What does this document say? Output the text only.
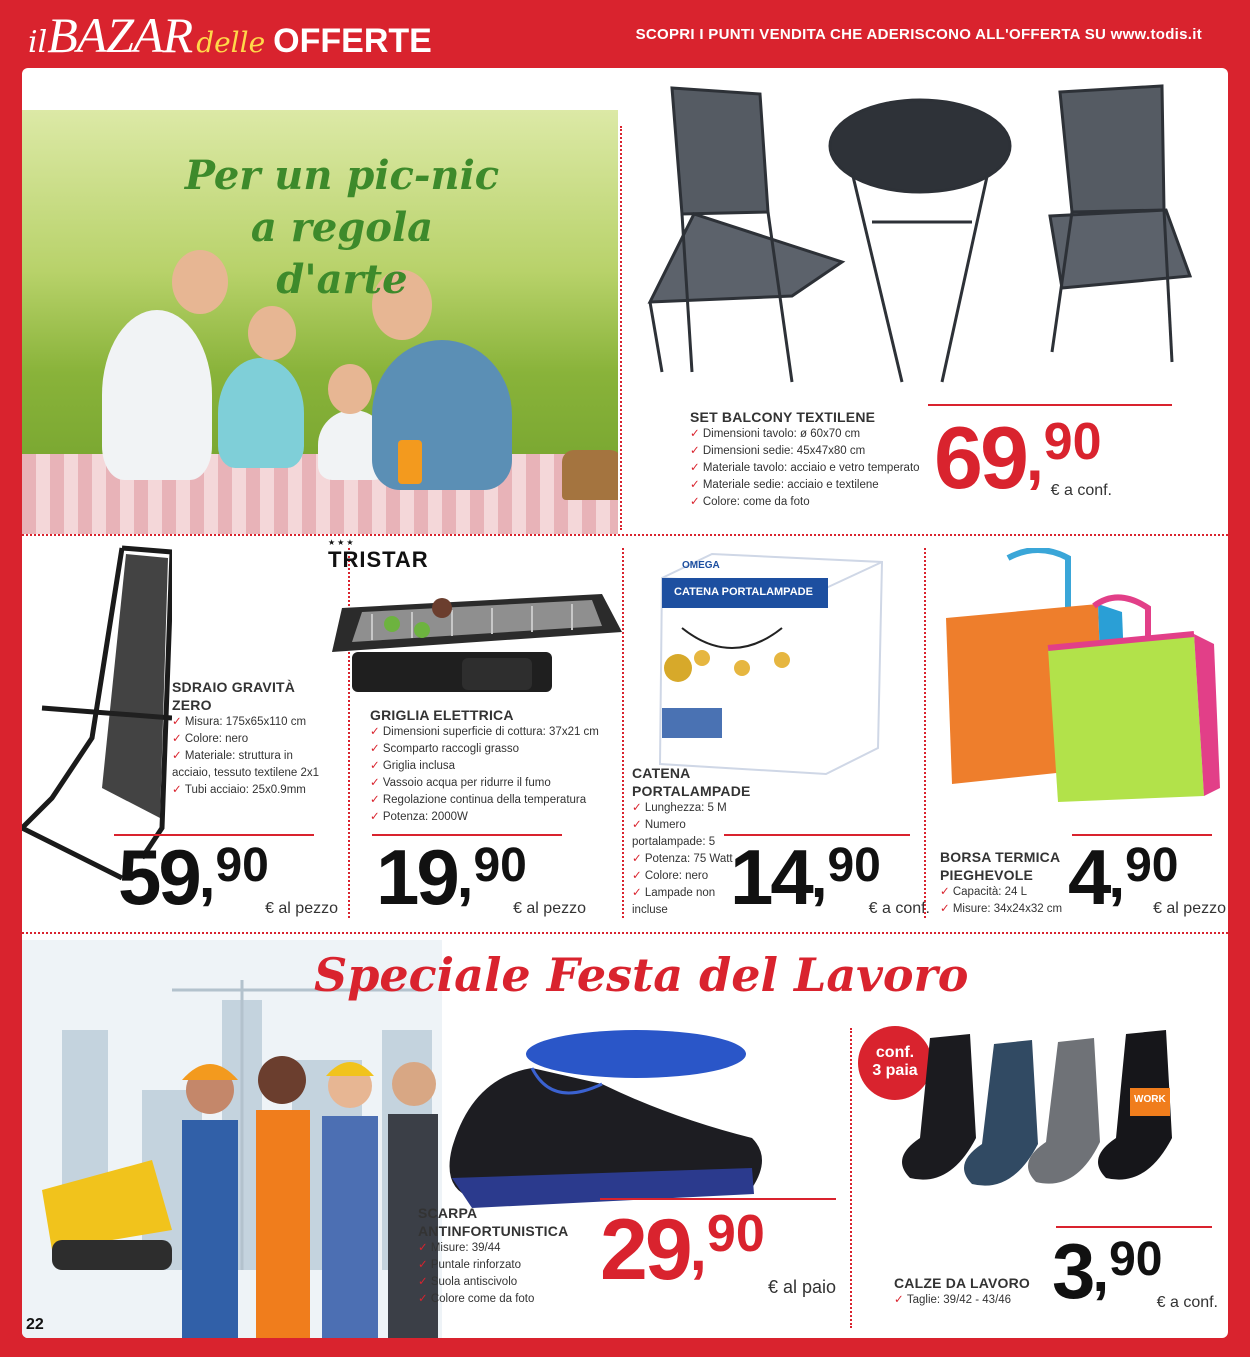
il BAZAR delle OFFERTE	SCOPRI I PUNTI VENDITA CHE ADERISCONO ALL'OFFERTA SU www.todis.it
Per un pic-nic
a regola d'arte
SET BALCONY TEXTILENE
✓ Dimensioni tavolo: ø 60x70 cm
✓ Dimensioni sedie: 45x47x80 cm
✓ Materiale tavolo: acciaio e vetro temperato
✓ Materiale sedie: acciaio e textilene
✓ Colore: come da foto	69 , 90
€ a conf.
SDRAIO GRAVITÀ
ZERO
✓ Misura: 175x65x110 cm
✓ Colore: nero
✓ Materiale: struttura in acciaio, tessuto textilene 2x1
✓ Tubi acciaio: 25x0.9mm
59 , 90
€ al pezzo
★★★
TRISTAR
GRIGLIA ELETTRICA
✓ Dimensioni superficie di cottura: 37x21 cm
✓ Scomparto raccogli grasso
✓ Griglia inclusa
✓ Vassoio acqua per ridurre il fumo
✓ Regolazione continua della temperatura
✓ Potenza: 2000W
19 , 90
€ al pezzo
CATENA PORTALAMPADE
OMEGA
CATENA
PORTALAMPADE
✓ Lunghezza: 5 M
✓ Numero portalampade: 5
✓ Potenza: 75 Watt
✓ Colore: nero
✓ Lampade non incluse 14 , 90
€ a conf.
BORSA TERMICA
PIEGHEVOLE
✓ Capacità: 24 L
✓ Misure: 34x24x32 cm 4 , 90
€ al pezzo
Speciale Festa del Lavoro
SCARPA
ANTINFORTUNISTICA
✓ Misure: 39/44
✓ Puntale rinforzato
✓ Suola antiscivolo
✓ Colore come da foto
29 , 90
€ al paio
conf.
3 paia
WORK
CALZE DA LAVORO
✓ Taglie: 39/42 - 43/46 3 , 90
€ a conf.
22
